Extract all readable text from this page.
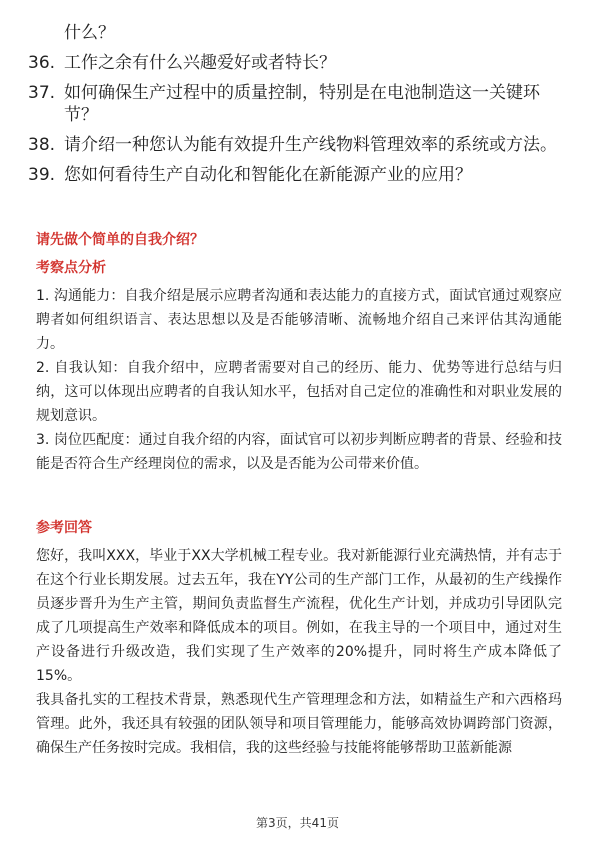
什么？
36. 工作之余有什么兴趣爱好或者特长？
37. 如何确保生产过程中的质量控制，特别是在电池制造这一关键环节？
38. 请介绍一种您认为能有效提升生产线物料管理效率的系统或方法。
39. 您如何看待生产自动化和智能化在新能源产业的应用？
请先做个简单的自我介绍？
考察点分析
1. 沟通能力：自我介绍是展示应聘者沟通和表达能力的直接方式，面试官通过观察应聘者如何组织语言、表达思想以及是否能够清晰、流畅地介绍自己来评估其沟通能力。
2. 自我认知：自我介绍中，应聘者需要对自己的经历、能力、优势等进行总结与归纳，这可以体现出应聘者的自我认知水平，包括对自己定位的准确性和对职业发展的规划意识。
3. 岗位匹配度：通过自我介绍的内容，面试官可以初步判断应聘者的背景、经验和技能是否符合生产经理岗位的需求，以及是否能为公司带来价值。
参考回答
您好，我叫XXX，毕业于XX大学机械工程专业。我对新能源行业充满热情，并有志于在这个行业长期发展。过去五年，我在YY公司的生产部门工作，从最初的生产线操作员逐步晋升为生产主管，期间负责监督生产流程，优化生产计划，并成功引导团队完成了几项提高生产效率和降低成本的项目。例如，在我主导的一个项目中，通过对生产设备进行升级改造，我们实现了生产效率的20%提升，同时将生产成本降低了15%。
我具备扎实的工程技术背景，熟悉现代生产管理理念和方法，如精益生产和六西格玛管理。此外，我还具有较强的团队领导和项目管理能力，能够高效协调跨部门资源，确保生产任务按时完成。我相信，我的这些经验与技能将能够帮助卫蓝新能源
第3页，共41页
